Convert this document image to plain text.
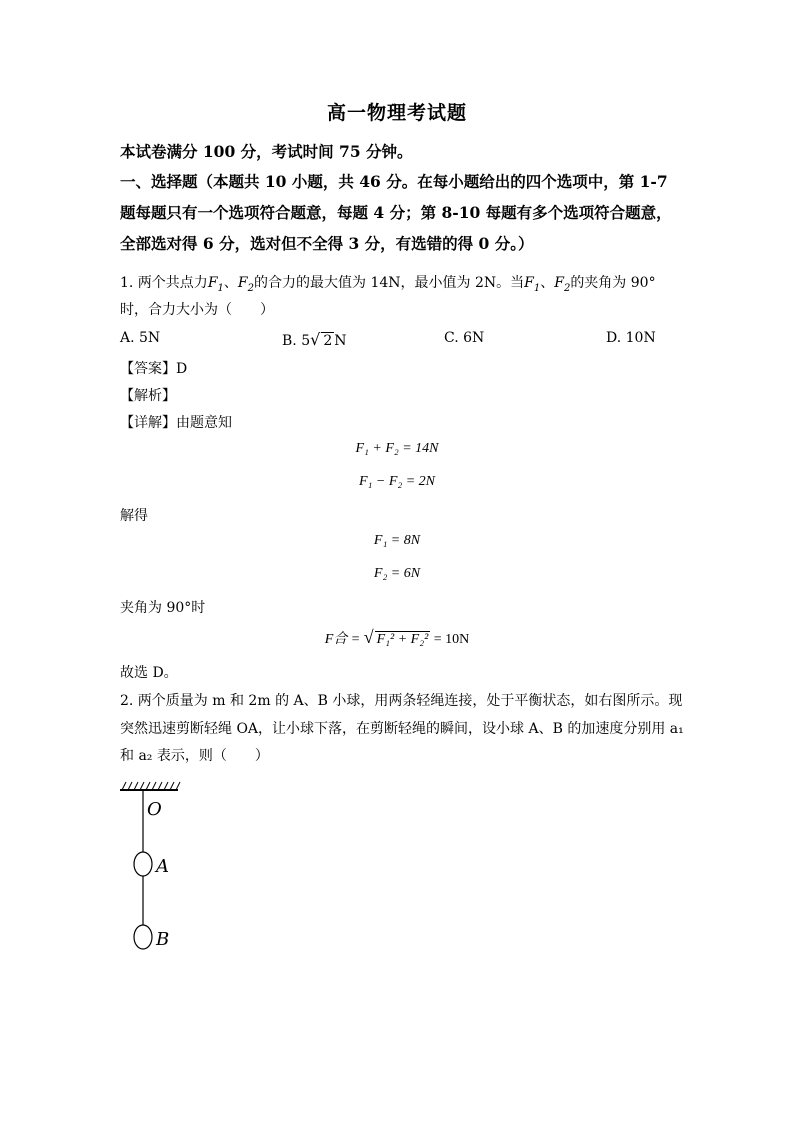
高一物理考试题
本试卷满分 100 分，考试时间 75 分钟。
一、选择题（本题共 10 小题，共 46 分。在每小题给出的四个选项中，第 1-7
题每题只有一个选项符合题意，每题 4 分；第 8-10 每题有多个选项符合题意，
全部选对得 6 分，选对但不全得 3 分，有选错的得 0 分。）
1. 两个共点力$F_1$、$F_2$的合力的最大值为 14N，最小值为 2N。当$F_1$、$F_2$的夹角为 90°
时，合力大小为（　　）
A. 5N	B. 5√ 2 N	C. 6N	D. 10N
【答案】D
【解析】
【详解】由题意知
F₁ + F₂ = 14N
F₁ − F₂ = 2N
解得
F₁ = 8N
F₂ = 6N
夹角为 90°时
F合 = √ F₁² + F₂² = 10N
故选 D。
2. 两个质量为 m 和 2m 的 A、B 小球，用两条轻绳连接，处于平衡状态，如右图所示。现
突然迅速剪断轻绳 OA，让小球下落，在剪断轻绳的瞬间，设小球 A、B 的加速度分别用 a₁
和 a₂ 表示，则（　　）
O
A
B
